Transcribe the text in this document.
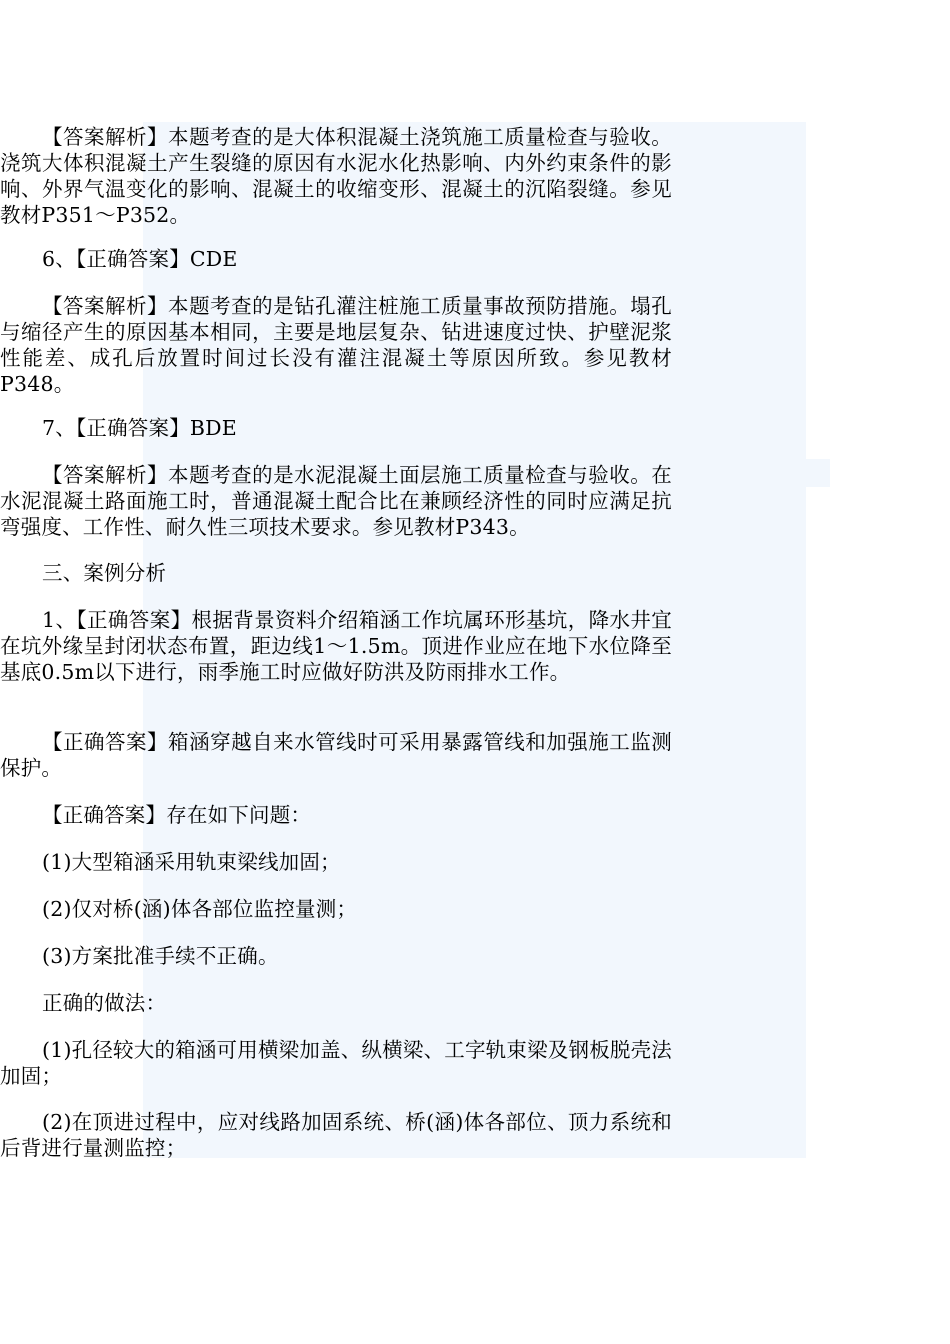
【答案解析】本题考查的是大体积混凝土浇筑施工质量检查与验收。浇筑大体积混凝土产生裂缝的原因有水泥水化热影响、内外约束条件的影响、外界气温变化的影响、混凝土的收缩变形、混凝土的沉陷裂缝。参见教材P351～P352。

6、【正确答案】CDE

【答案解析】本题考查的是钻孔灌注桩施工质量事故预防措施。塌孔与缩径产生的原因基本相同，主要是地层复杂、钻进速度过快、护壁泥浆性能差、成孔后放置时间过长没有灌注混凝土等原因所致。参见教材P348。

7、【正确答案】BDE

【答案解析】本题考查的是水泥混凝土面层施工质量检查与验收。在水泥混凝土路面施工时，普通混凝土配合比在兼顾经济性的同时应满足抗弯强度、工作性、耐久性三项技术要求。参见教材P343。

三、案例分析

1、【正确答案】根据背景资料介绍箱涵工作坑属环形基坑，降水井宜在坑外缘呈封闭状态布置，距边线1～1.5m。顶进作业应在地下水位降至基底0.5m以下进行，雨季施工时应做好防洪及防雨排水工作。

【正确答案】箱涵穿越自来水管线时可采用暴露管线和加强施工监测保护。

【正确答案】存在如下问题：

(1)大型箱涵采用轨束梁线加固；

(2)仅对桥(涵)体各部位监控量测；

(3)方案批准手续不正确。

正确的做法：

(1)孔径较大的箱涵可用横梁加盖、纵横梁、工字轨束梁及钢板脱壳法加固；

(2)在顶进过程中，应对线路加固系统、桥(涵)体各部位、顶力系统和后背进行量测监控；
